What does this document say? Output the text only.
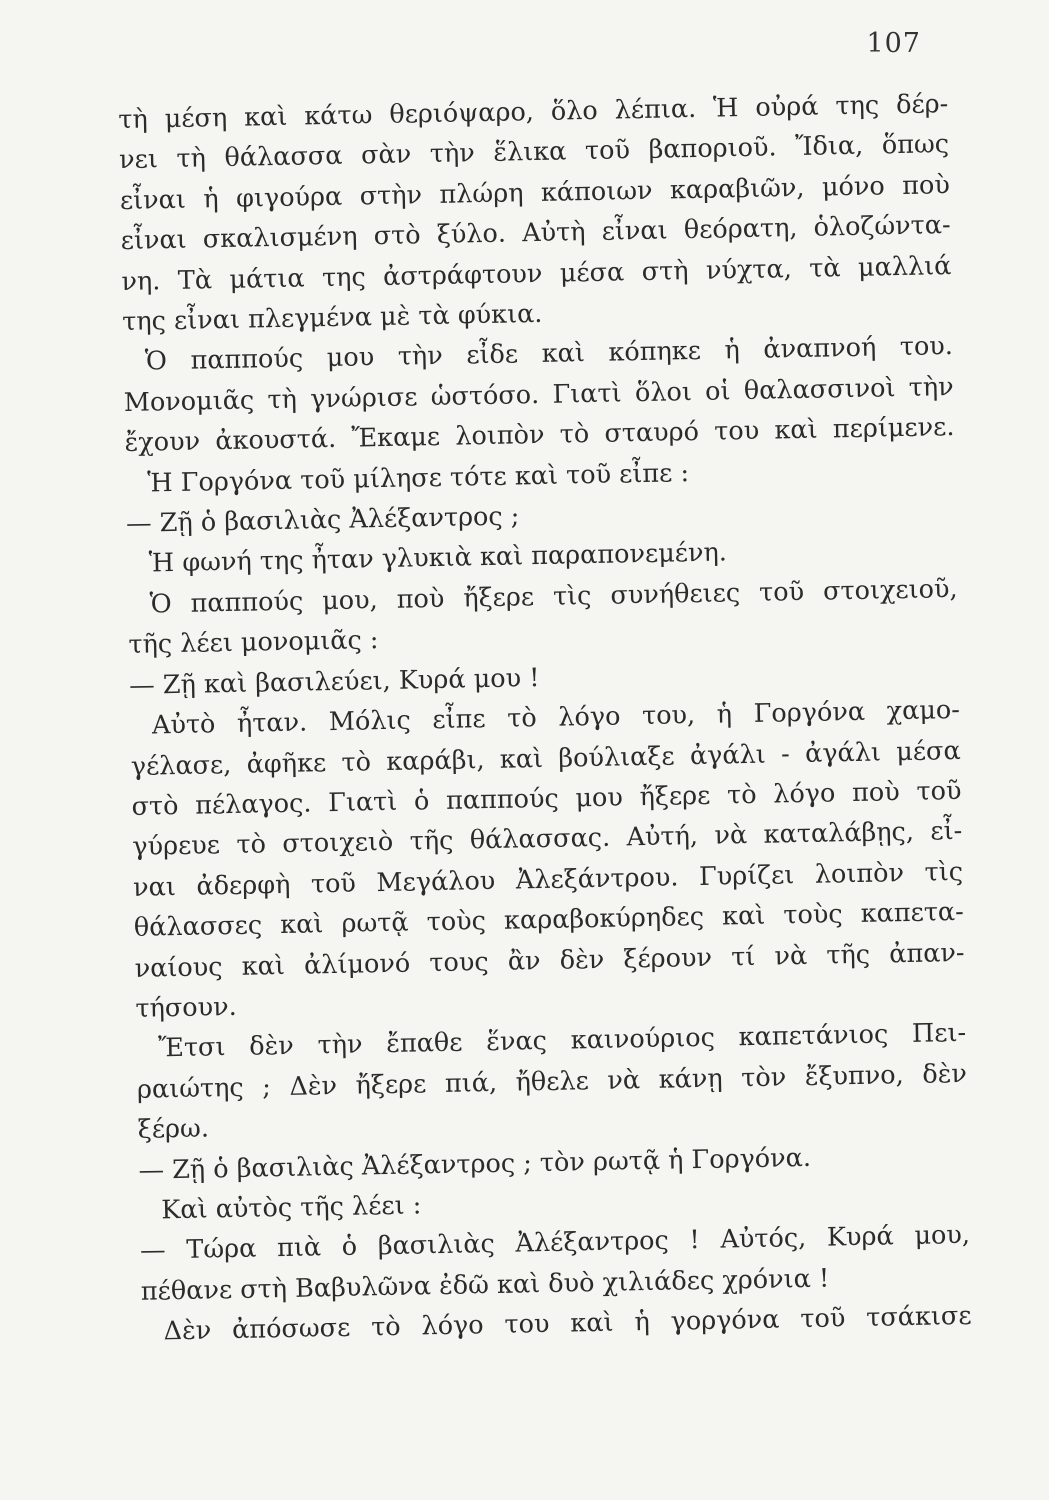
107
τὴ μέση καὶ κάτω θεριόψαρο, ὅλο λέπια. Ἡ οὐρά της δέρ-
νει τὴ θάλασσα σὰν τὴν ἕλικα τοῦ βαποριοῦ. Ἴδια, ὅπως
εἶναι ἡ φιγούρα στὴν πλώρη κάποιων καραβιῶν, μόνο ποὺ
εἶναι σκαλισμένη στὸ ξύλο. Αὐτὴ εἶναι θεόρατη, ὁλοζώντα-
νη. Τὰ μάτια της ἀστράφτουν μέσα στὴ νύχτα, τὰ μαλλιά
της εἶναι πλεγμένα μὲ τὰ φύκια.
Ὁ παππούς μου τὴν εἶδε καὶ κόπηκε ἡ ἀναπνοή του.
Μονομιᾶς τὴ γνώρισε ὡστόσο. Γιατὶ ὅλοι οἱ θαλασσινοὶ τὴν
ἔχουν ἀκουστά. Ἔκαμε λοιπὸν τὸ σταυρό του καὶ περίμενε.
Ἡ Γοργόνα τοῦ μίλησε τότε καὶ τοῦ εἶπε :
— Ζῇ ὁ βασιλιὰς Ἀλέξαντρος ;
Ἡ φωνή της ἦταν γλυκιὰ καὶ παραπονεμένη.
Ὁ παππούς μου, ποὺ ἤξερε τὶς συνήθειες τοῦ στοιχειοῦ,
τῆς λέει μονομιᾶς :
— Ζῇ καὶ βασιλεύει, Κυρά μου !
Αὐτὸ ἦταν. Μόλις εἶπε τὸ λόγο του, ἡ Γοργόνα χαμο-
γέλασε, ἀφῆκε τὸ καράβι, καὶ βούλιαξε ἀγάλι - ἀγάλι μέσα
στὸ πέλαγος. Γιατὶ ὁ παππούς μου ἤξερε τὸ λόγο ποὺ τοῦ
γύρευε τὸ στοιχειὸ τῆς θάλασσας. Αὐτή, νὰ καταλάβῃς, εἶ-
ναι ἀδερφὴ τοῦ Μεγάλου Ἀλεξάντρου. Γυρίζει λοιπὸν τὶς
θάλασσες καὶ ρωτᾷ τοὺς καραβοκύρηδες καὶ τοὺς καπετα-
ναίους καὶ ἀλίμονό τους ἂν δὲν ξέρουν τί νὰ τῆς ἀπαν-
τήσουν.
Ἔτσι δὲν τὴν ἔπαθε ἕνας καινούριος καπετάνιος Πει-
ραιώτης ; Δὲν ἤξερε πιά, ἤθελε νὰ κάνῃ τὸν ἔξυπνο, δὲν
ξέρω.
— Ζῇ ὁ βασιλιὰς Ἀλέξαντρος ; τὸν ρωτᾷ ἡ Γοργόνα.
Καὶ αὐτὸς τῆς λέει :
— Τώρα πιὰ ὁ βασιλιὰς Ἀλέξαντρος ! Αὐτός, Κυρά μου,
πέθανε στὴ Βαβυλῶνα ἐδῶ καὶ δυὸ χιλιάδες χρόνια !
Δὲν ἀπόσωσε τὸ λόγο του καὶ ἡ γοργόνα τοῦ τσάκισε
